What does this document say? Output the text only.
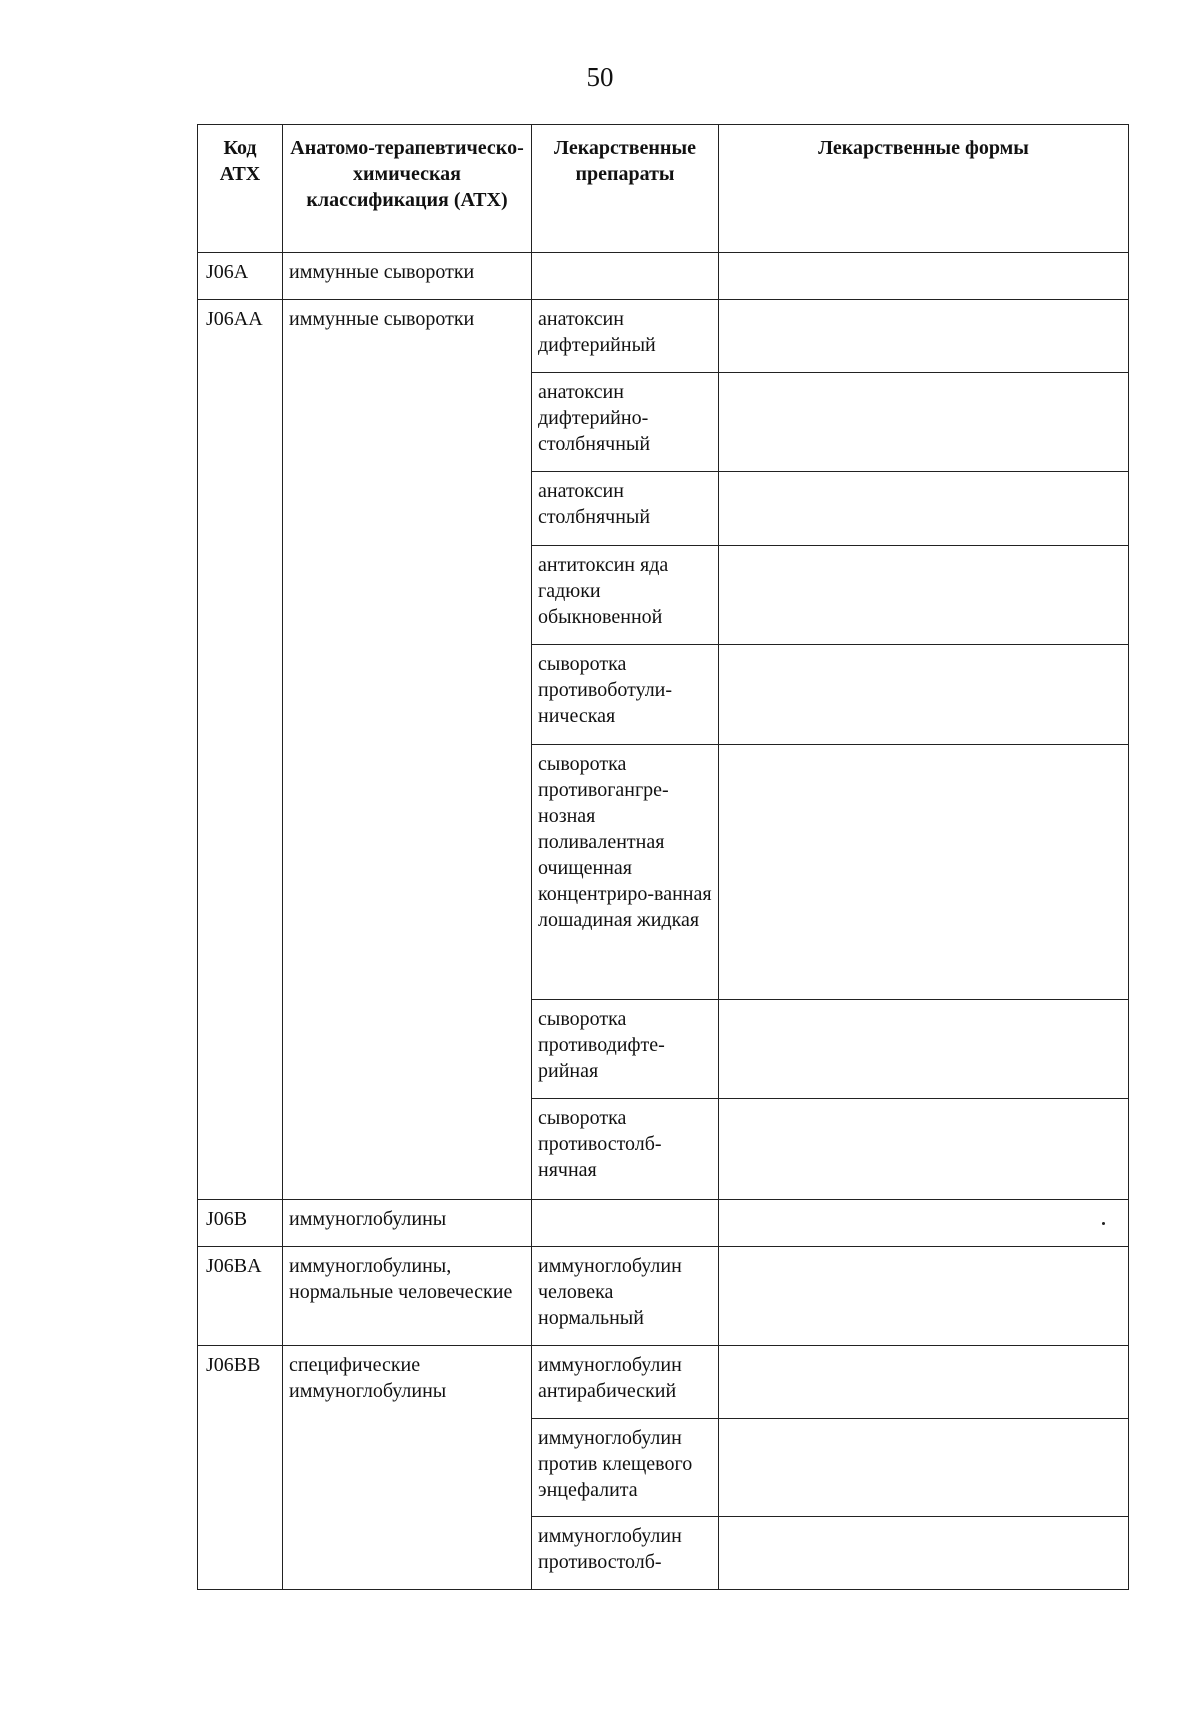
50
Код АТХ	Анатомо-терапевтическо-химическая классификация (АТХ)	Лекарственные препараты	Лекарственные формы
J06A	иммунные сыворотки		
J06AA	иммунные сыворотки	анатоксин дифтерийный	
		анатоксин дифтерийно-столбнячный	
		анатоксин столбнячный	
		антитоксин яда гадюки обыкновенной	
		сыворотка противоботули-ническая	
		сыворотка противогангре-нозная поливалентная очищенная концентриро-ванная лошадиная жидкая	
		сыворотка противодифте-рийная	
		сыворотка противостолб-нячная	
J06B	иммуноглобулины		
J06BA	иммуноглобулины, нормальные человеческие	иммуноглобулин человека нормальный	
J06BB	специфические иммуноглобулины	иммуноглобулин антирабический	
		иммуноглобулин против клещевого энцефалита	
		иммуноглобулин противостолб-	
